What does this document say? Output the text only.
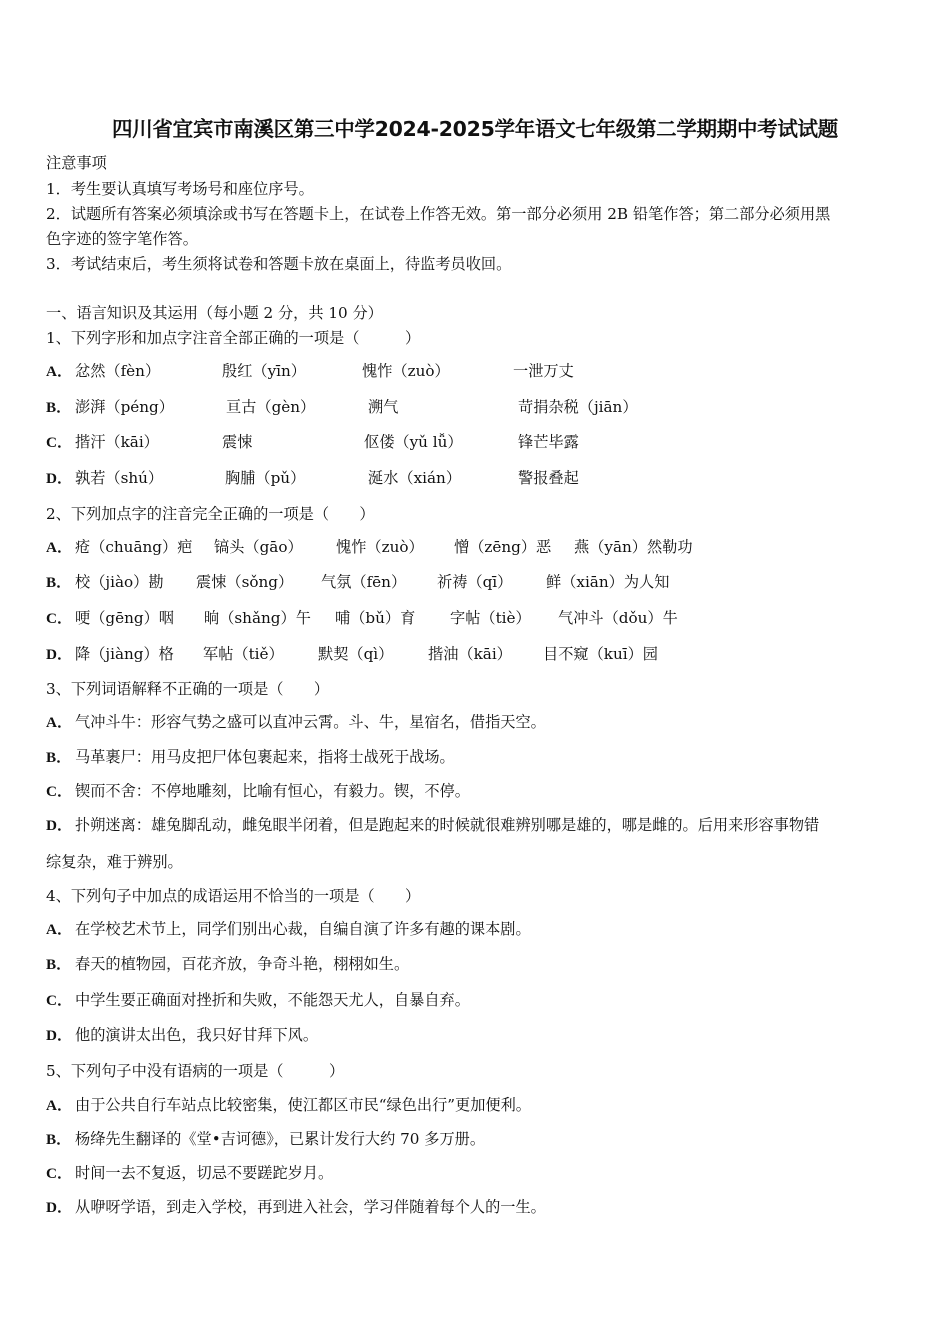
四川省宜宾市南溪区第三中学2024-2025学年语文七年级第二学期期中考试试题
注意事项
1．考生要认真填写考场号和座位序号。
2．试题所有答案必须填涂或书写在答题卡上，在试卷上作答无效。第一部分必须用 2B 铅笔作答；第二部分必须用黑
色字迹的签字笔作答。
3．考试结束后，考生须将试卷和答题卡放在桌面上，待监考员收回。
一、语言知识及其运用（每小题 2 分，共 10 分）
1、下列字形和加点字注音全部正确的一项是（　　　）
A． 忿然（fèn）	殷红（yīn）	愧怍（zuò）	一泄万丈
B． 澎湃（péng）	亘古（gèn）	溯气	苛捐杂税（jiān）
C． 揩汗（kāi）	震悚	伛偻（yǔ lǚ）	锋芒毕露
D． 孰若（shú）	胸脯（pǔ）	涎水（xián）	警报叠起
2、下列加点字的注音完全正确的一项是（　　）
A． 疮（chuāng）疤 镐头（gāo） 愧怍（zuò） 憎（zēng）恶 燕（yān）然勒功
B． 校（jiào）勘 震悚（sǒng） 气氛（fēn） 祈祷（qī） 鲜（xiān）为人知
C． 哽（gēng）咽 晌（shǎng）午 哺（bǔ）育 字帖（tiè） 气冲斗（dǒu）牛
D． 降（jiàng）格 军帖（tiě） 默契（qì） 揩油（kāi） 目不窥（kuī）园
3、下列词语解释不正确的一项是（　　）
A． 气冲斗牛：形容气势之盛可以直冲云霄。斗、牛，星宿名，借指天空。
B． 马革裹尸：用马皮把尸体包裹起来，指将士战死于战场。
C． 锲而不舍：不停地雕刻，比喻有恒心，有毅力。锲，不停。
D． 扑朔迷离：雄兔脚乱动，雌兔眼半闭着，但是跑起来的时候就很难辨别哪是雄的，哪是雌的。后用来形容事物错
综复杂，难于辨别。
4、下列句子中加点的成语运用不恰当的一项是（　　）
A． 在学校艺术节上，同学们别出心裁，自编自演了许多有趣的课本剧。
B． 春天的植物园，百花齐放，争奇斗艳，栩栩如生。
C． 中学生要正确面对挫折和失败，不能怨天尤人，自暴自弃。
D． 他的演讲太出色，我只好甘拜下风。
5、下列句子中没有语病的一项是（　　　）
A． 由于公共自行车站点比较密集，使江都区市民“绿色出行”更加便利。
B． 杨绛先生翻译的《堂•吉诃德》，已累计发行大约 70 多万册。
C． 时间一去不复返，切忌不要蹉跎岁月。
D． 从咿呀学语，到走入学校，再到进入社会，学习伴随着每个人的一生。
